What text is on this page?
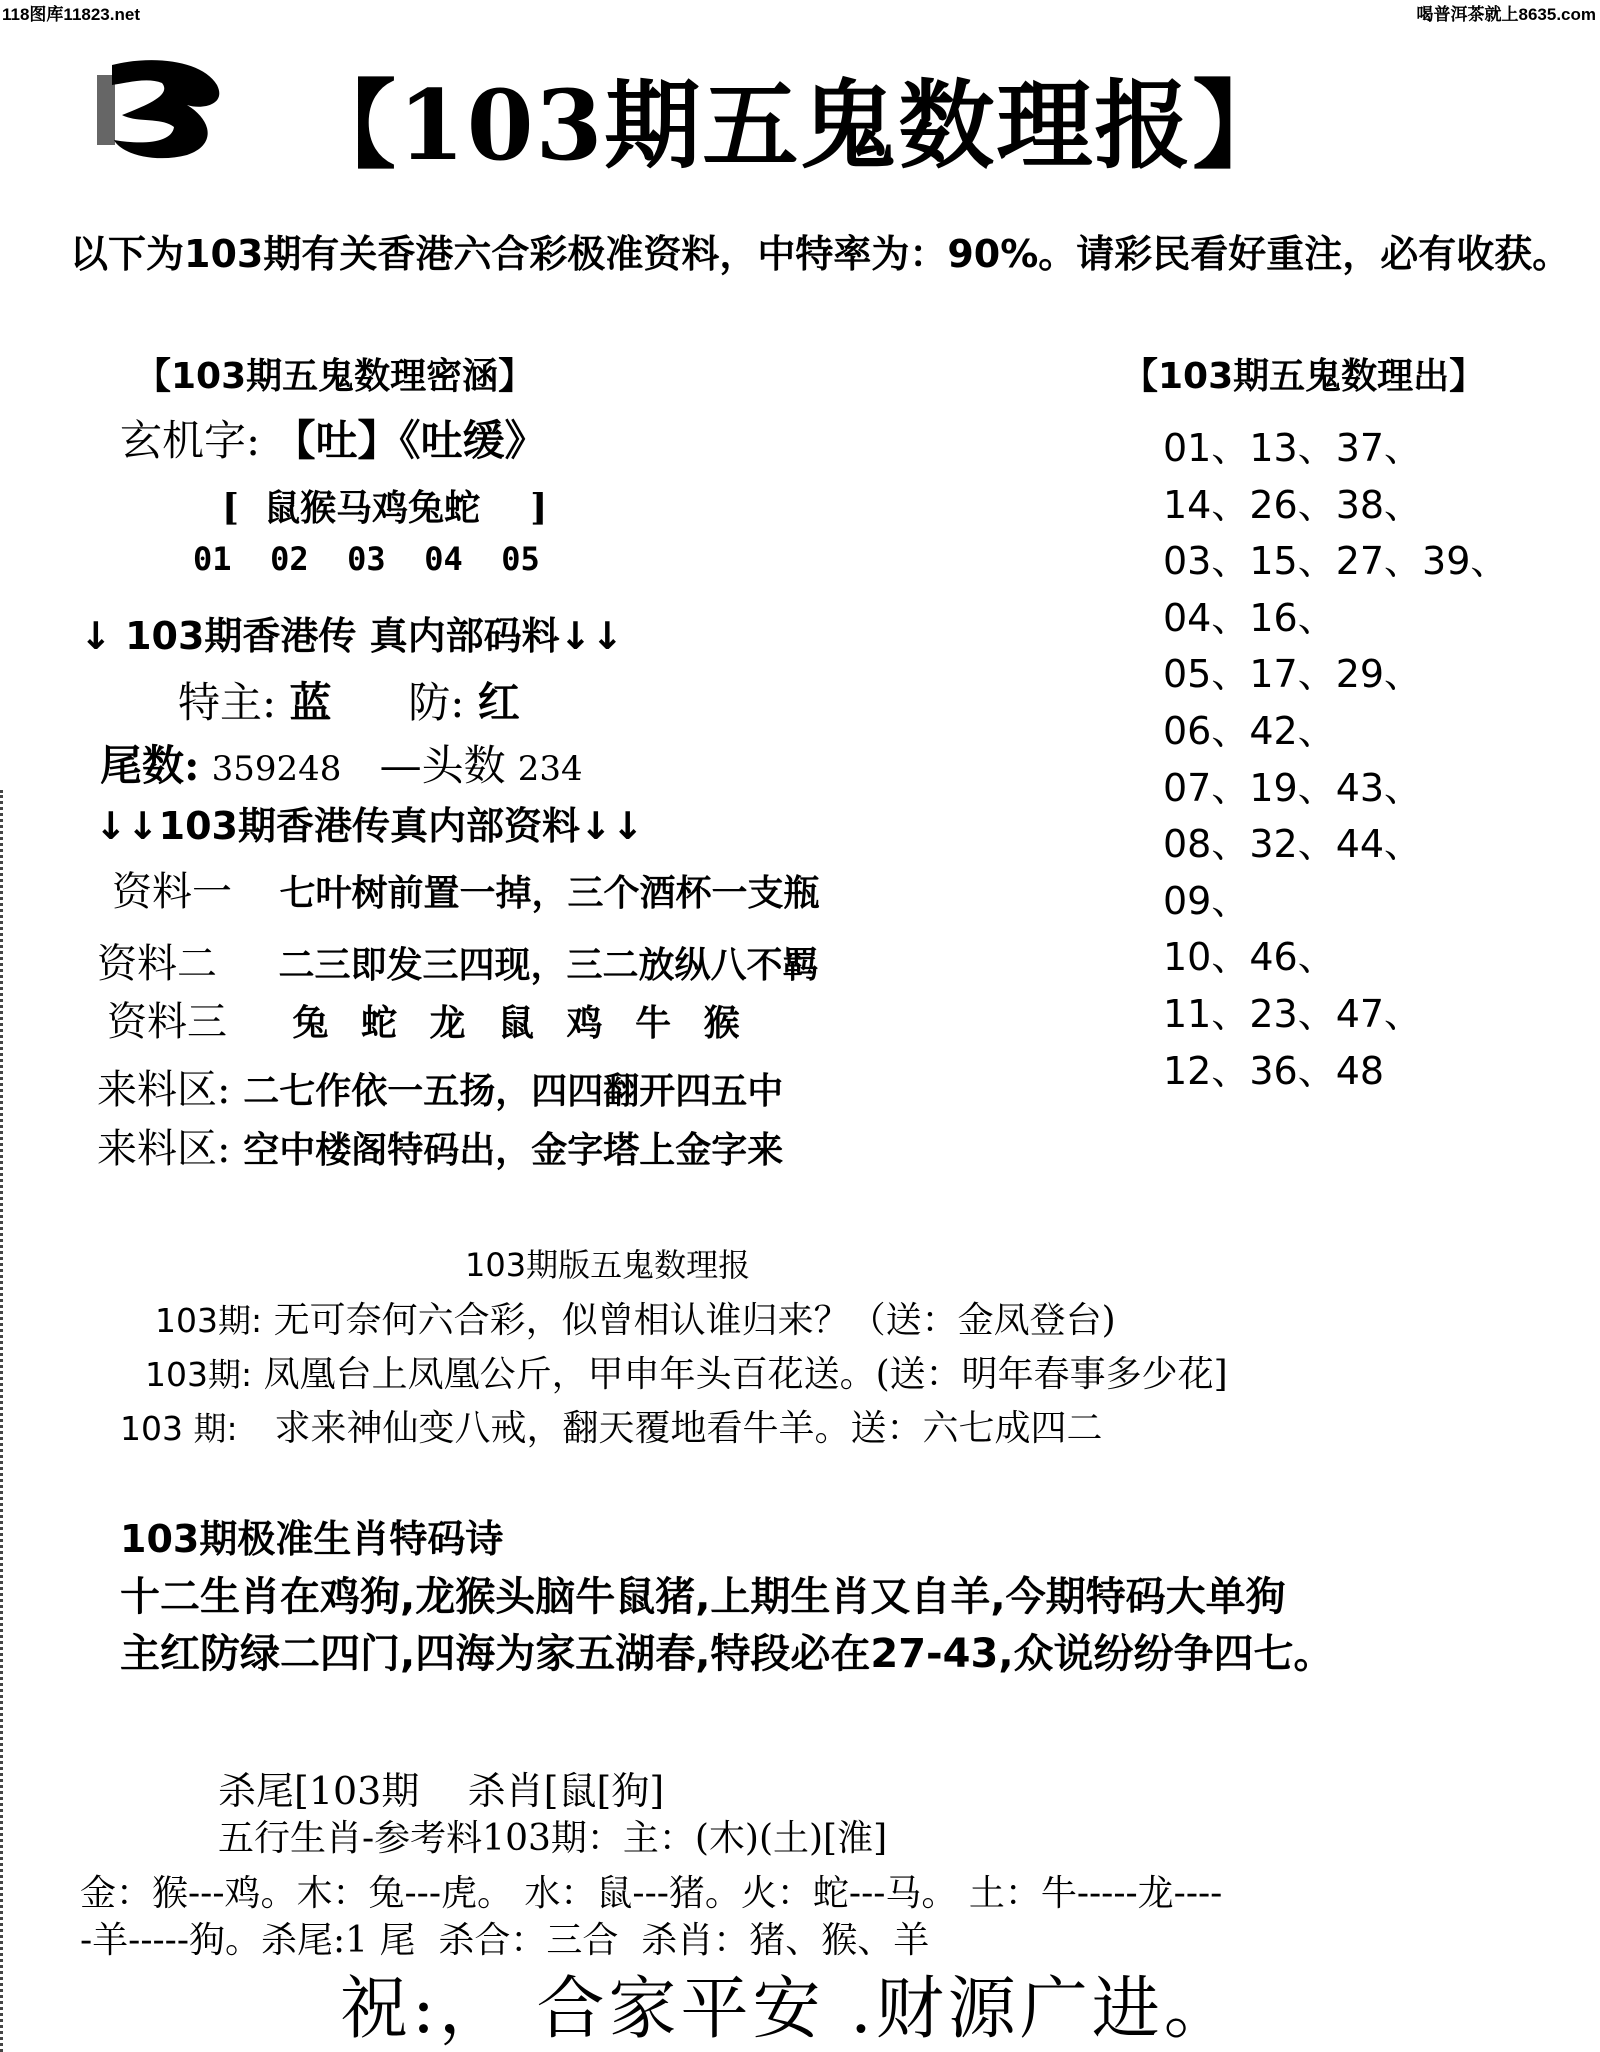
118图库11823.net	喝普洱茶就上8635.com
【103期五鬼数理报】
以下为103期有关香港六合彩极准资料，中特率为：90%。请彩民看好重注，必有收获。
【103期五鬼数理密涵】	【103期五鬼数理出】
玄机字: 【吐】《吐缓》
[  鼠猴马鸡兔蛇    ]
01  02  03  04  05
↓ 103期香港传 真内部码料↓↓
特主: 蓝 防: 红
尾数: 359248 —头数 234
↓↓103期香港传真内部资料↓↓
资料一 七叶树前置一掉，三个酒杯一支瓶
资料二 二三即发三四现，三二放纵八不羁
资料三 兔 蛇 龙 鼠 鸡 牛 猴
来料区: 二七作依一五扬，四四翻开四五中
来料区: 空中楼阁特码出，金字塔上金字来
01、13、37、
14、26、38、
03、15、27、39、
04、16、
05、17、29、
06、42、
07、19、43、
08、32、44、
09、
10、46、
11、23、47、
12、36、48
103期版五鬼数理报
103期: 无可奈何六合彩，似曾相认谁归来？（送：金凤登台)
103期: 凤凰台上凤凰公斤，甲申年头百花送。(送：明年春事多少花]
103 期: 求来神仙变八戒，翻天覆地看牛羊。送：六七成四二
103期极准生肖特码诗
十二生肖在鸡狗,龙猴头脑牛鼠猪,上期生肖又自羊,今期特码大单狗
主红防绿二四门,四海为家五湖春,特段必在27-43,众说纷纷争四七。
杀尾[103期    杀肖[鼠[狗]
五行生肖-参考料103期：主：(木)(土)[淮]
金：猴---鸡。木：兔---虎。 水：鼠---猪。火：蛇---马。 土：牛-----龙----
-羊-----狗。杀尾:1 尾  杀合：三合  杀肖：猪、猴、羊
祝:， 合家平安 .财源广进。
